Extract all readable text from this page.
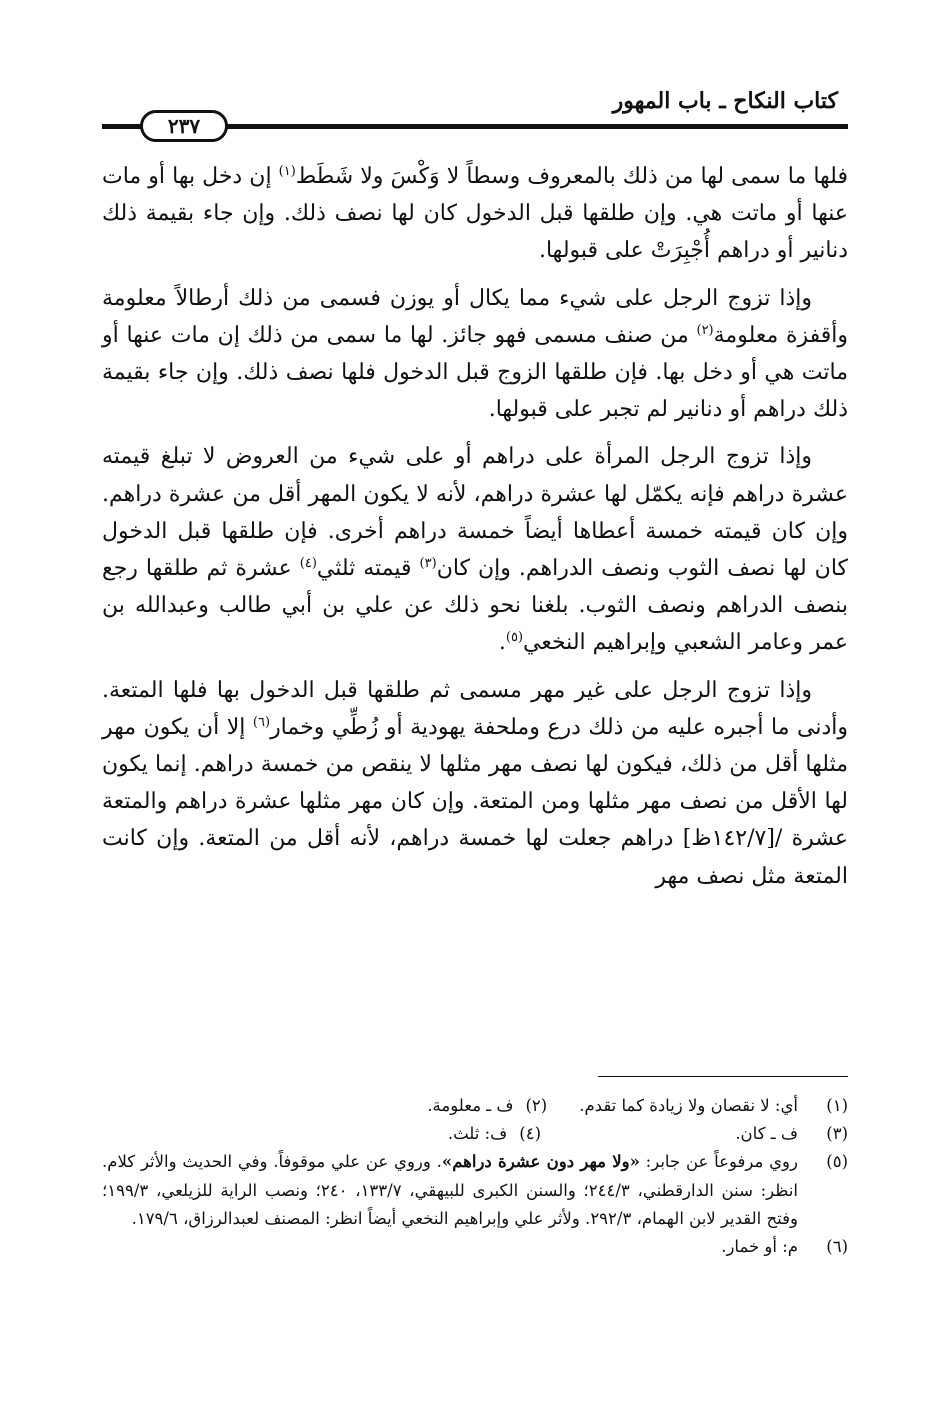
كتاب النكاح ـ باب المهور
٢٣٧

فلها ما سمى لها من ذلك بالمعروف وسطاً لا وَكْسَ ولا شَطَط$^{(١)}$ إن دخل بها أو مات عنها أو ماتت هي. وإن طلقها قبل الدخول كان لها نصف ذلك. وإن جاء بقيمة ذلك دنانير أو دراهم أُجْبِرَتْ على قبولها.

وإذا تزوج الرجل على شيء مما يكال أو يوزن فسمى من ذلك أرطالاً معلومة وأقفزة معلومة$^{(٢)}$ من صنف مسمى فهو جائز. لها ما سمى من ذلك إن مات عنها أو ماتت هي أو دخل بها. فإن طلقها الزوج قبل الدخول فلها نصف ذلك. وإن جاء بقيمة ذلك دراهم أو دنانير لم تجبر على قبولها.

وإذا تزوج الرجل المرأة على دراهم أو على شيء من العروض لا تبلغ قيمته عشرة دراهم فإنه يكمّل لها عشرة دراهم، لأنه لا يكون المهر أقل من عشرة دراهم. وإن كان قيمته خمسة أعطاها أيضاً خمسة دراهم أخرى. فإن طلقها قبل الدخول كان لها نصف الثوب ونصف الدراهم. وإن كان$^{(٣)}$ قيمته ثلثي$^{(٤)}$ عشرة ثم طلقها رجع بنصف الدراهم ونصف الثوب. بلغنا نحو ذلك عن علي بن أبي طالب وعبدالله بن عمر وعامر الشعبي وإبراهيم النخعي$^{(٥)}$.

وإذا تزوج الرجل على غير مهر مسمى ثم طلقها قبل الدخول بها فلها المتعة. وأدنى ما أجبره عليه من ذلك درع وملحفة يهودية أو زُطِّي وخمار$^{(٦)}$ إلا أن يكون مهر مثلها أقل من ذلك، فيكون لها نصف مهر مثلها لا ينقص من خمسة دراهم. إنما يكون لها الأقل من نصف مهر مثلها ومن المتعة. وإن كان مهر مثلها عشرة دراهم والمتعة عشرة /[١٤٢/٧ظ] دراهم جعلت لها خمسة دراهم، لأنه أقل من المتعة. وإن كانت المتعة مثل نصف مهر

(١)
أي: لا نقصان ولا زيادة كما تقدم.
(٢)
ف ـ معلومة.
(٣)
ف ـ كان.
(٤)
ف: ثلث.
(٥)
روي مرفوعاً عن جابر: «ولا مهر دون عشرة دراهم». وروي عن علي موقوفاً. وفي الحديث والأثر كلام. انظر: سنن الدارقطني، ٢٤٤/٣؛ والسنن الكبرى للبيهقي، ١٣٣/٧، ٢٤٠؛ ونصب الراية للزيلعي، ١٩٩/٣؛ وفتح القدير لابن الهمام، ٢٩٢/٣. ولأثر علي وإبراهيم النخعي أيضاً انظر: المصنف لعبدالرزاق، ١٧٩/٦.
(٦)
م: أو خمار.
